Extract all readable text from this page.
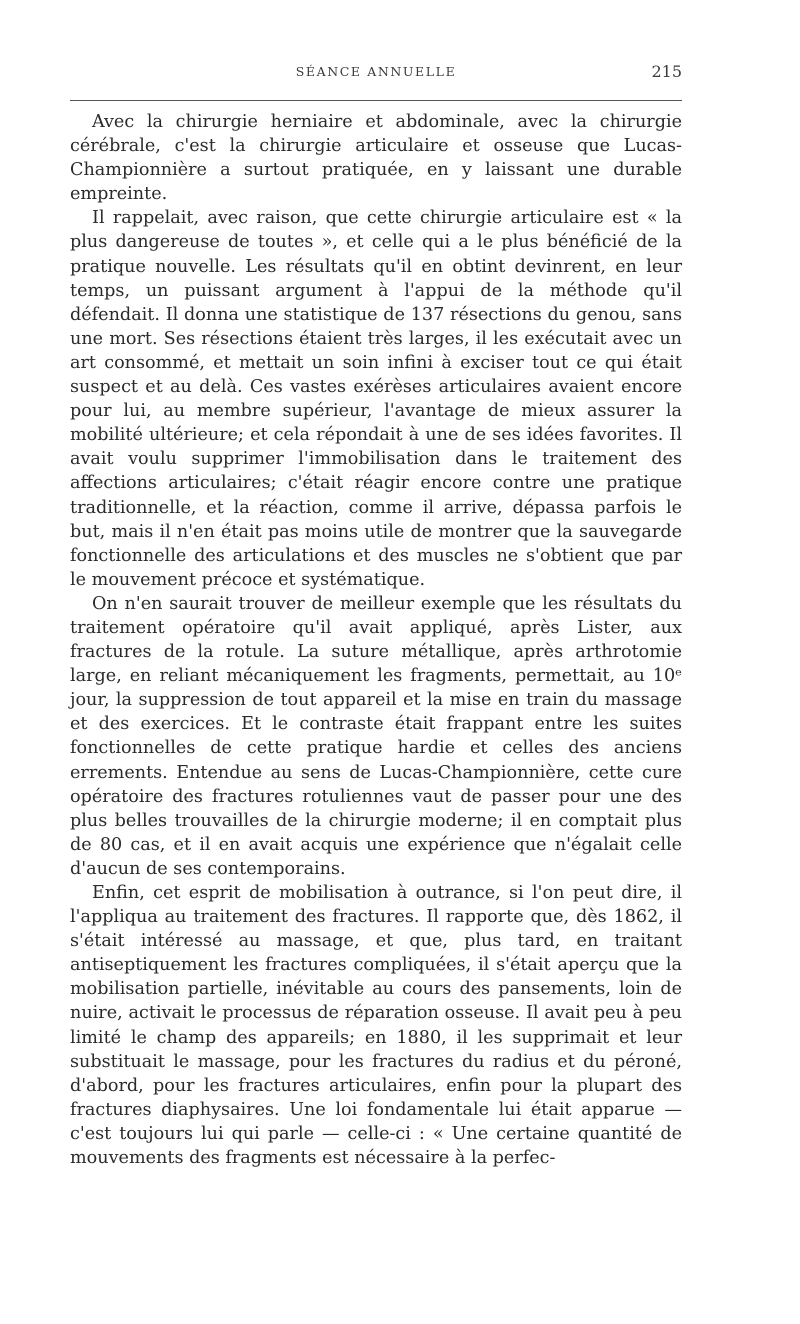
SÉANCE ANNUELLE	215

Avec la chirurgie herniaire et abdominale, avec la chirurgie cérébrale, c'est la chirurgie articulaire et osseuse que Lucas-Championnière a surtout pratiquée, en y laissant une durable empreinte.

Il rappelait, avec raison, que cette chirurgie articulaire est « la plus dangereuse de toutes », et celle qui a le plus bénéficié de la pratique nouvelle. Les résultats qu'il en obtint devinrent, en leur temps, un puissant argument à l'appui de la méthode qu'il défendait. Il donna une statistique de 137 résections du genou, sans une mort. Ses résections étaient très larges, il les exécutait avec un art consommé, et mettait un soin infini à exciser tout ce qui était suspect et au delà. Ces vastes exérèses articulaires avaient encore pour lui, au membre supérieur, l'avantage de mieux assurer la mobilité ultérieure; et cela répondait à une de ses idées favorites. Il avait voulu supprimer l'immobilisation dans le traitement des affections articulaires; c'était réagir encore contre une pratique traditionnelle, et la réaction, comme il arrive, dépassa parfois le but, mais il n'en était pas moins utile de montrer que la sauvegarde fonctionnelle des articulations et des muscles ne s'obtient que par le mouvement précoce et systématique.

On n'en saurait trouver de meilleur exemple que les résultats du traitement opératoire qu'il avait appliqué, après Lister, aux fractures de la rotule. La suture métallique, après arthrotomie large, en reliant mécaniquement les fragments, permettait, au 10ᵉ jour, la suppression de tout appareil et la mise en train du massage et des exercices. Et le contraste était frappant entre les suites fonctionnelles de cette pratique hardie et celles des anciens errements. Entendue au sens de Lucas-Championnière, cette cure opératoire des fractures rotuliennes vaut de passer pour une des plus belles trouvailles de la chirurgie moderne; il en comptait plus de 80 cas, et il en avait acquis une expérience que n'égalait celle d'aucun de ses contemporains.

Enfin, cet esprit de mobilisation à outrance, si l'on peut dire, il l'appliqua au traitement des fractures. Il rapporte que, dès 1862, il s'était intéressé au massage, et que, plus tard, en traitant antiseptiquement les fractures compliquées, il s'était aperçu que la mobilisation partielle, inévitable au cours des pansements, loin de nuire, activait le processus de réparation osseuse. Il avait peu à peu limité le champ des appareils; en 1880, il les supprimait et leur substituait le massage, pour les fractures du radius et du péroné, d'abord, pour les fractures articulaires, enfin pour la plupart des fractures diaphysaires. Une loi fondamentale lui était apparue — c'est toujours lui qui parle — celle-ci : « Une certaine quantité de mouvements des fragments est nécessaire à la perfec-
